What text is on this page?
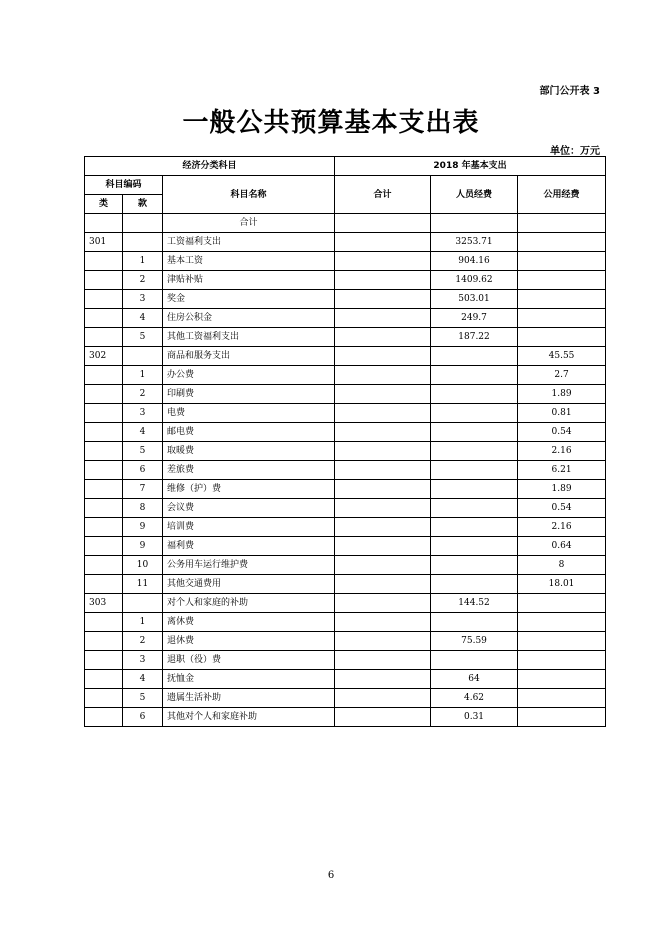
部门公开表 3
一般公共预算基本支出表
单位：万元
经济分类科目			2018 年基本支出		
科目编码		科目名称	合计	人员经费	公用经费
类	款				
		合计			
301		工资福利支出		3253.71	
	1	基本工资		904.16	
	2	津贴补贴		1409.62	
	3	奖金		503.01	
	4	住房公积金		249.7	
	5	其他工资福利支出		187.22	
302		商品和服务支出			45.55
	1	办公费			2.7
	2	印刷费			1.89
	3	电费			0.81
	4	邮电费			0.54
	5	取暖费			2.16
	6	差旅费			6.21
	7	维修（护）费			1.89
	8	会议费			0.54
	9	培训费			2.16
	9	福利费			0.64
	10	公务用车运行维护费			8
	11	其他交通费用			18.01
303		对个人和家庭的补助		144.52	
	1	离休费			
	2	退休费		75.59	
	3	退职（役）费			
	4	抚恤金		64	
	5	遗属生活补助		4.62	
	6	其他对个人和家庭补助		0.31	
6
